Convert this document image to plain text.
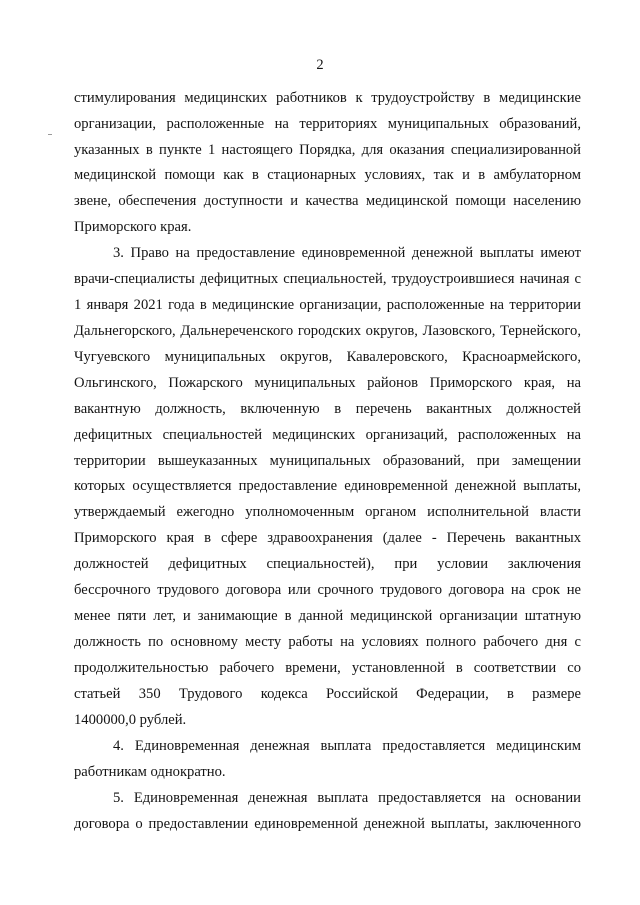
2
стимулирования медицинских работников к трудоустройству в медицинские
организации, расположенные на территориях муниципальных образований,
указанных в пункте 1 настоящего Порядка, для оказания специализированной
медицинской помощи как в стационарных условиях, так и в амбулаторном
звене, обеспечения доступности и качества медицинской помощи населению
Приморского края.
3. Право на предоставление единовременной денежной выплаты имеют
врачи-специалисты дефицитных специальностей, трудоустроившиеся начиная с
1 января 2021 года в медицинские организации, расположенные на территории
Дальнегорского, Дальнереченского городских округов, Лазовского, Тернейского,
Чугуевского муниципальных округов, Кавалеровского, Красноармейского,
Ольгинского, Пожарского муниципальных районов Приморского края, на
вакантную должность, включенную в перечень вакантных должностей
дефицитных специальностей медицинских организаций, расположенных на
территории вышеуказанных муниципальных образований, при замещении
которых осуществляется предоставление единовременной денежной выплаты,
утверждаемый ежегодно уполномоченным органом исполнительной власти
Приморского края в сфере здравоохранения (далее - Перечень вакантных
должностей дефицитных специальностей), при условии заключения
бессрочного трудового договора или срочного трудового договора на срок не
менее пяти лет, и занимающие в данной медицинской организации штатную
должность по основному месту работы на условиях полного рабочего дня с
продолжительностью рабочего времени, установленной в соответствии со
статьей 350 Трудового кодекса Российской Федерации, в размере
1400000,0 рублей.
4. Единовременная денежная выплата предоставляется медицинским
работникам однократно.
5. Единовременная денежная выплата предоставляется на основании
договора о предоставлении единовременной денежной выплаты, заключенного
